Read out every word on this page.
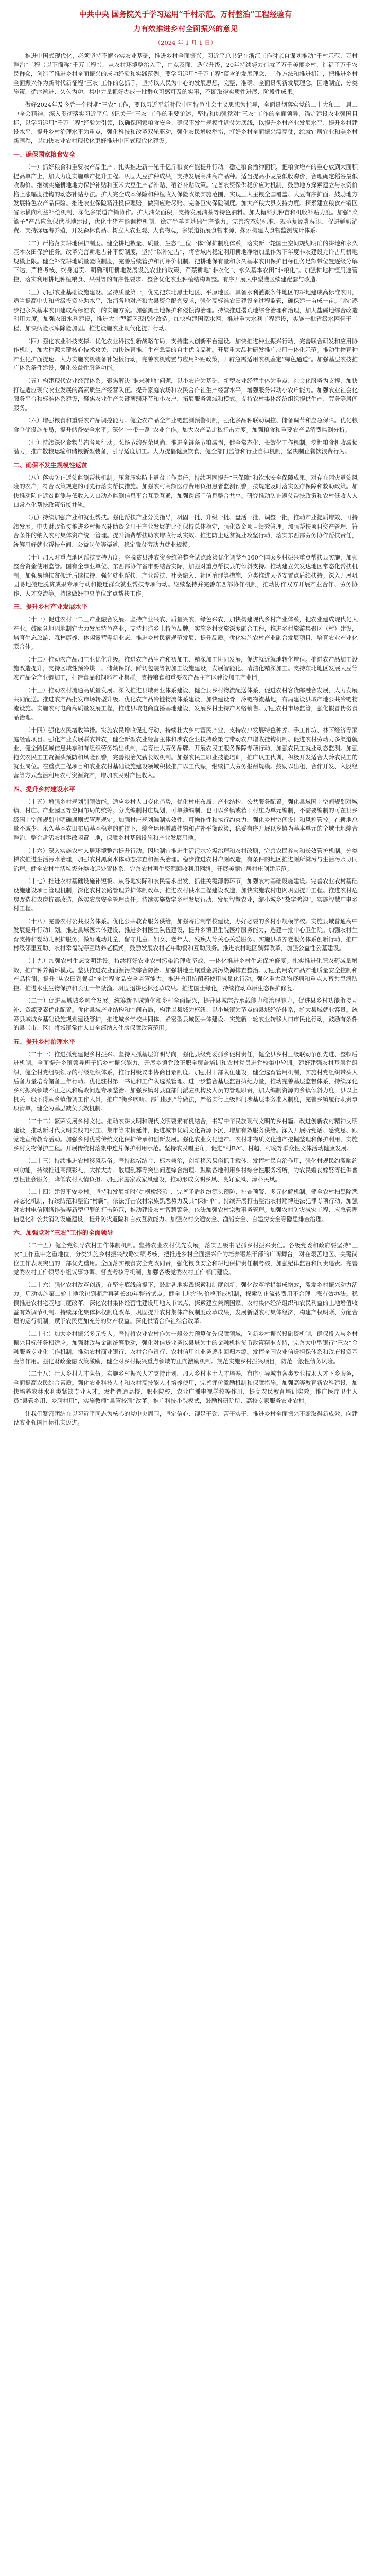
中共中央 国务院关于学习运用“千村示范、万村整治”工程经验有
力有效推进乡村全面振兴的意见
（2024 年 1 月 1 日）
推进中国式现代化，必须坚持不懈夯实农业基础，推进乡村全面振兴。习近平总书记在浙江工作时亲自谋划推动“千村示范、万村整治”工程（以下简称“千万工程”），从农村环境整治入手，由点及面、迭代升级，20年持续努力造就了万千美丽乡村，造福了万千农民群众，创造了推进乡村全面振兴的成功经验和实践范例。要学习运用“千万工程”蕴含的发展理念、工作方法和推进机制，把推进乡村全面振兴作为新时代新征程“三农”工作的总抓手，坚持以人民为中心的发展思想，完整、准确、全面贯彻新发展理念，因地制宜、分类施策，循序渐进、久久为功，集中力量抓好办成一批群众可感可及的实事，不断取得实质性进展、阶段性成果。
做好2024年及今后一个时期“三农”工作，要以习近平新时代中国特色社会主义思想为指导，全面贯彻落实党的二十大和二十届二中全会精神，深入贯彻落实习近平总书记关于“三农”工作的重要论述，坚持和加强党对“三农”工作的全面领导，锚定建设农业强国目标，以学习运用“千万工程”经验为引领，以确保国家粮食安全、确保不发生规模性返贫为底线，以提升乡村产业发展水平、提升乡村建设水平、提升乡村治理水平为重点，强化科技和改革双轮驱动，强化农民增收举措，打好乡村全面振兴漂亮仗，绘就宜居宜业和美乡村新画卷，以加快农业农村现代化更好推进中国式现代化建设。
一、确保国家粮食安全
（一）抓好粮食和重要农产品生产。扎实推进新一轮千亿斤粮食产能提升行动。稳定粮食播种面积，把粮食增产的重心放到大面积提高单产上，加大力度实施单产提升工程。巩固大豆扩种成果，支持发展高油高产品种。适当提高小麦最低收购价，合理确定稻谷最低收购价。继续实施耕地地力保护补贴和玉米大豆生产者补贴、稻谷补贴政策。完善农资保供稳价应对机制，鼓励地方探索建立与农资价格上涨幅度挂钩的动态补贴办法。扩大完全成本保险和种植收入保险政策实施范围，实现三大主粮全国覆盖、大豆有序扩面。鼓励地方发展特色农产品保险。推进农业保险精准投保理赔，做到应赔尽赔。完善巨灾保险制度。加大产粮大县支持力度。探索建立粮食产销区省际横向利益补偿机制，深化多渠道产销协作。扩大油菜面积，支持发展油茶等特色油料。加大糖料蔗种苗和机收补贴力度。加强“菜篮子”产品应急保供基地建设，优化生猪产能调控机制，稳定牛羊肉基础生产能力。完善液态奶标准，规范复原乳标识，促进鲜奶消费。支持深远海养殖，开发森林食品。树立大农业观、大食物观，多渠道拓展食物来源，探索构建大食物监测统计体系。
（二）严格落实耕地保护制度。健全耕地数量、质量、生态“三位一体”保护制度体系，落实新一轮国土空间规划明确的耕地和永久基本农田保护任务。改革完善耕地占补平衡制度，坚持“以补定占”，将省域内稳定利用耕地净增加量作为下年度非农建设允许占用耕地规模上限。健全补充耕地质量验收制度，完善后续管护和再评价机制。把耕地保有量和永久基本农田保护目标任务足额带位置逐级分解下达，严格考核、终身追责。明确利用耕地发展设施农业的政策，严禁耕地“非农化”、永久基本农田“非粮化”。加强耕地种植用途管控，落实利用耕地种植粮食、果树等的有序性要求。整合优化农业种植结构调整。有序开展大中型灌区续建配套与改造。
（三）加强农业基础设施建设。坚持质量第一，优先把东北黑土地区、平原地区、具备水利灌溉条件地区的耕地建成高标准农田，适当提高中央和省级投资补助水平，取消各地对产粮大县资金配套要求，强化高标准农田建设全过程监管，确保建一亩成一亩。制定逐步把永久基本农田建成高标准农田的实施方案。加强黑土地保护和侵蚀沟治理。持续推进撂荒地综合治理和治理，加大盐碱地综合改造利用力度。加强农田水利建设，推进大中型灌区现代化改造。加快构建国家水网，推进重大水利工程建设，实施一批省级水网骨干工程，加快病险水库除险加固。推进设施农业现代化提升行动。
（四）强化农业科技支撑。优化农业科技创新战略布局，支持重大创新平台建设。加快推进种业振兴行动，完善联合研发和应用协作机制，加大种源关键核心技术攻关，加快选育推广生产急需的自主优良品种。开展重大品种研发推广应用一体化示范。推动生物育种产业化扩面提速。大力实施农机装备补短板行动，完善农机购置与应用补贴政策，开辟急需适用农机鉴定“绿色通道”。加强基层农技推广体系条件建设，强化公益性服务功能。
（五）构建现代农业经营体系。聚焦解决“谁来种地”问题，以小农户为基础、新型农业经营主体为重点、社会化服务为支撑，加快打造适应现代农业发展的高素质生产经营队伍。提升家庭农场和农民合作社生产经营水平，增强服务带动小农户能力。加强农业社会化服务平台和标准体系建设，聚焦农业生产关键薄弱环节和小农户，拓展服务领域和模式。支持农村集体经济组织提供生产、劳务等居间服务。
（六）增强粮食和重要农产品调控能力。健全农产品全产业链监测预警机制，强化多品种联动调控、储备调节和应急保障。优化粮食仓储设施布局，提升储备安全水平。深化“一带一路”农业合作。加大农产品走私打击力度。加强粮食和重要农产品消费监测分析。
（七）持续深化食物节约各项行动。弘扬节约光荣风尚，推进全链条节粮减损，健全常态化、长效化工作机制。挖掘粮食机收减损潜力，推广散粮运输和储粮新型装备，引导适度加工。大力提倡健康饮食，健全部门监管和行业自律机制，坚决制止餐饮浪费行为。
二、确保不发生规模性返贫
（八）落实防止返贫监测帮扶机制。压紧压实防止返贫工作责任，持续巩固提升“三保障”和饮水安全保障成果。对存在因灾返贫风险的农户，符合政策规定的可先行落实帮扶措施。加强农村高额医疗费用负担患者监测预警，按规定及时落实医疗保障和救助政策。加快推动防止返贫监测与低收入人口动态监测信息平台互联互通，加强跨部门信息整合共享。研究推动防止返贫帮扶政策和农村低收入人口常态化帮扶政策衔接并轨。
（九）持续加强产业和就业帮扶。强化帮扶产业分类指导，巩固一批、升级一批、盘活一批、调整一批，推动产业提质增效、可持续发展。中央财政衔接推进乡村振兴补助资金用于产业发展的比例保持总体稳定，强化资金项目绩效管理。加强帮扶项目资产管理，符合条件的纳入农村集体资产统一管理。提升消费帮扶助农增收行动实效。推进防止返贫就业攻坚行动，落实东西部劳务协作帮扶责任，统筹用好就业帮扶车间、公益岗位等渠道，稳定脱贫劳动力就业规模。
（十）加大对重点地区帮扶支持力度。将脱贫县涉农资金统筹整合试点政策优化调整至160个国家乡村振兴重点帮扶县实施，加强整合资金使用监管。国有企事业单位、东西部协作省市要结合实际，加强对重点帮扶县的倾斜支持。推动建立欠发达地区常态化帮扶机制。加强易地扶贫搬迁后续扶持，强化就业帮扶、产业帮扶、社会融入、社区治理等措施，分类推进大型安置点后续扶持。深入开展巩固易地搬迁脱贫成果专项行动和搬迁群众就业帮扶专项行动。继续坚持并完善东西部协作机制，推动协作双方开展产业合作、劳务协作、人才交流等。持续做好中央单位定点帮扶工作。
三、提升乡村产业发展水平
（十一）促进农村一二三产业融合发展。坚持产业兴农、质量兴农、绿色兴农，加快构建现代乡村产业体系，把农业建成现代化大产业。鼓励各地因地制宜大力发展特色产业，支持打造乡土特色品牌。实施乡村文旅深度融合工程，推进乡村旅游集聚区（村）建设，培育生态旅游、森林康养、休闲露营等新业态，推进乡村民宿规范发展、提升品质。优化实施农村产业融合发展项目，培育农业产业化联合体。
（十二）推动农产品加工业优化升级。推进农产品生产和初加工、精深加工协同发展，促进就近就地转化增值。推进农产品加工设施改造提升，支持区域性预冷烘干、储藏保鲜、鲜切包装等初加工设施建设，发展智能化、清洁化精深加工。支持东北地区发展大豆等农产品全产业链加工，打造食品和饲料产业集群。支持粮食和重要农产品主产区建设加工产业园。
（十三）推动农村流通高质量发展。深入推进县域商业体系建设，健全县乡村物流配送体系，促进农村客货邮融合发展，大力发展共同配送。推进农产品批发市场转型升级。优化农产品冷链物流体系建设，加快建设骨干冷链物流基地，布局建设县域产地公共冷链物流设施。实施农村电商高质量发展工程，推进县域电商直播基地建设，发展乡村土特产网络销售。加强农村市场监管，强化假冒伪劣食品治理。
（十四）强化农民增收举措。实施农民增收促进行动，持续壮大乡村富民产业，支持农户发展特色种养、手工作坊、林下经济等家庭经营项目。强化产业发展联农带农，健全新型农业经营主体和涉农企业扶持政策与带动农户增收挂钩机制。促进农村劳动力多渠道就业，健全跨区域信息共享和有组织劳务输出机制，培育壮大劳务品牌。开展农民工服务保障专项行动，加强农民工就业动态监测。加强拖欠农民工工资源头预防和风险预警，完善根治欠薪长效机制。加强农民工职业技能培训，推广以工代训，积极开发适合大龄农民工的就业岗位。在重点工程项目和农业农村基础设施建设领域积极推广以工代赈，继续扩大劳务报酬规模。鼓励以出租、合作开发、入股经营等方式盘活利用农村资源资产，增加农民财产性收入。
四、提升乡村建设水平
（十五）增强乡村规划引领效能。适应乡村人口变化趋势，优化村庄布局、产业结构、公共服务配置。强化县域国土空间规划对城镇、村庄、产业园区等空间布局的统筹。分类编制村庄规划，可单独编制，也可以乡镇或若干村庄为单元编制，不需要编制的可在县乡级国土空间规划中明确通则式管理规定。加强村庄规划编制实效性、可操作性和执行约束力，强化乡村空间设计和风貌管控。在耕地总量不减少、永久基本农田布局基本稳定的前提下，综合运用增减挂钩和占补平衡政策，稳妥有序开展以乡镇为基本单元的全域土地综合整治，整合盘活农村零散闲置土地，保障乡村基础设施和产业发展用地。
（十六）深入实施农村人居环境整治提升行动。因地制宜推进生活污水垃圾治理和农村改厕，完善农民参与和长效管护机制。分类梯次推进生活污水治理，加强农村黑臭水体动态排查和源头治理。稳步推进农村户厕改造，有条件的地区推进厕所粪污与生活污水协同治理。健全农村生活垃圾分类收运处置体系，完善农村再生资源回收利用网络。开展美丽宜居村庄创建示范。
（十七）推进农村基础设施补短板。从各地实际和农民需求出发，抓住关键薄弱环节，加强农村基础设施建设。完善农业农村基础设施建设项目管理机制，深化农村公路管理养护体制改革，推进农村供水工程建设改造，加快实施农村电网巩固提升工程。推进农村危房改造和农房抗震改造，落实农房安全管理责任。持续实施数字乡村发展行动，发展智慧农业，缩小城乡“数字鸿沟”。实施智慧广电乡村工程。
（十八）完善农村公共服务体系。优化公共教育服务供给，加强寄宿制学校建设，办好必要的乡村小规模学校。实施县域普通高中发展提升行动计划。推进县域医共体建设，推进乡村医生队伍建设，提升乡镇卫生院医疗服务能力，选建一批中心卫生院。加强农村生育支持和婴幼儿照护服务，做好流动儿童、留守儿童、妇女、老年人、残疾人等关心关爱服务。实施县域养老服务体系创新行动，推广村级邻里互助、农村幸福院等互助养老模式，鼓励发展农村老年助餐和互助服务。推进农村地区殡葬改革，加强公益性公墓建设。
（十九）加强农村生态文明建设。持续打好农业农村污染治理攻坚战，一体化推进乡村生态保护修复。扎实推进化肥农药减量增效，推广种养循环模式。整县推进农业面源污染综合防治。加强耕地土壤重金属污染源排查整治。加强食用农产品产地质量安全控制和产品检测，提升“从农田到餐桌”全过程食品安全监管能力。推进兽用抗菌药使用减量化行动。强化重大动物疫病和重点人畜共患病防控。推进水生生物保护和长江十年禁渔。巩固退耕还林还草成果。推进国土绿化，持续推动草原生态保护修复。
（二十）促进县域城乡融合发展。统筹新型城镇化和乡村全面振兴，提升县城综合承载能力和治理能力，促进县乡村功能衔接互补、资源要素优化配置。优化县域产业结构和空间布局，构建以县城为枢纽、以小城镇为节点的县域经济体系，扩大县域就业容量。统筹县域城乡基础设施规划建设管护，推进城乡学校共同体、紧密型县域医共体建设。实施新一轮农业转移人口市民化行动，鼓励有条件的县（市、区）将城镇常住人口全部纳入住房保障政策范围。
五、提升乡村治理水平
（二十一）推进抓党建促乡村振兴。坚持大抓基层鲜明导向，强化县级党委抓乡促村责任，健全县乡村三级联动争创先进、整顿后进机制。全面提升乡镇领导班子抓乡村振兴能力，开展乡镇党政正职全覆盖培训和农村党员进党校集中轮训。建好建强农村基层党组织，健全村党组织领导的村级组织体系，推行村级议事协商目录制度。加强村干部队伍建设，健全选育管用机制，实施村党组织带头人后备力量培育储备三年行动。优化驻村第一书记和工作队选派管理。进一步整合基层监督执纪力量，推动完善基层监督体系，持续深化乡村振兴领域不正之风和腐败问题专项整治。加强乡镇对县直部门派驻机构及人员的管理职责，加大编制资源向乡镇倾斜力度，县以上机关一般不得从乡镇借调工作人员，推广“街乡吹哨、部门报到”等做法，严格实行上级部门涉基层事务准入制度，完善乡镇履行职责事项清单，健全为基层减负长效机制。
（二十二）繁荣发展乡村文化。推动农耕文明和现代文明要素有机结合，书写中华民族现代文明的乡村篇。改进创新农村精神文明建设，推动新时代文明实践向村庄、集市等末梢延伸，促进城市优质文化资源下沉，增加有效服务供给。深入开展听党话、感党恩、跟党走宣传教育活动。加强乡村优秀传统文化保护传承和创新发展。强化农业文化遗产、农村非物质文化遗产挖掘整理和保护利用，实施乡村文物保护工程。开展传统村落集中连片保护利用示范。坚持农民唱主角，促进“村BA”、村超、村晚等群众性文体活动健康发展。
（二十三）持续推进农村移风易俗。坚持疏堵结合、标本兼治，创新移风易俗抓手载体，发挥村民自治作用，强化村规民约激励约束功能，持续推进高额彩礼、大操大办、散埋乱葬等突出问题综合治理。鼓励各地利用乡村综合性服务场所，为农民婚丧嫁娶等提供普惠性社会服务，降低农村人情负担。加强家庭家教家风建设，推动形成文明乡风、良好家风、淳朴民风。
（二十四）建设平安乡村。坚持和发展新时代“枫桥经验”，完善矛盾纠纷源头预防、排查预警、多元化解机制。健全农村扫黑除恶常态化机制，持续防范和整治“村霸”，依法打击农村宗族黑恶势力及其“保护伞”。持续开展打击整治农村赌博违法犯罪专项行动，加强对农村电信网络诈骗等新型犯罪的打击防范，推动建设农村智慧警务。依法加强农村宗教事务管理。加强农村防灾减灾工程、应急管理信息化和公共消防设施建设，提升防灾避险和自救互救能力。加强农村交通安全、渔船安全、自建房安全等隐患排查治理。
六、加强党对“三农”工作的全面领导
（二十五）健全党领导农村工作体制机制。坚持农业农村优先发展，落实五级书记抓乡村振兴责任。各级党委和政府要坚持“三农”工作重中之重地位，分类实施乡村振兴战略实绩考核，把推进乡村全面振兴作为培养锻炼干部的广阔舞台，对在艰苦地区、关键岗位工作表现突出的干部优先重用。全面落实粮食安全党政同责，强化粮食安全和耕地保护责任制考核，加强纪律监督和问责追责。完善党委农村工作领导小组议事协调、督查考核等机制，加强各级党委农村工作部门建设。
（二十六）强化农村改革创新。在坚守底线前提下，鼓励各地实践探索和制度创新，强化改革举措集成增效，激发乡村振兴动力活力。启动实施第二轮土地承包到期后再延长30年整省试点。健全土地流转价格形成机制，探索防止流转费用不合理上涨有效办法。稳慎推进农村宅基地制度改革。深化农村集体经营性建设用地入市试点，探索建立兼顾国家、农村集体经济组织和农民利益的土地增值收益有效调节机制。持续深化集体林权制度改革，巩固提升农村集体产权制度改革成果，发展新型农村集体经济，构建产权明晰、分配合理的运行机制，赋予农民更加充分的财产权益。深化供销合作社综合改革。
（二十七）加大乡村振兴多元投入。坚持将农业农村作为一般公共预算优先保障领域，创新乡村振兴投融资机制，确保投入与乡村振兴目标任务相适应。加强财政与金融统筹联动，强化对信贷业务以县域为主的金融机构货币政策精准支持，完善大中型银行“三农”金融服务专业化工作机制，推动农村商业银行、农村合作银行、农村信用社业务逐步回归本源。发挥全国农业信贷担保体系和政府投资基金等作用。强化财政金融政策激励，健全对乡村振兴重点领域的正向激励机制。规范实施乡村振兴项目，防范一般性债务风险。
（二十八）壮大乡村人才队伍。实施乡村振兴人才支持计划，加大乡村本土人才培养，有序引导城市各类专业技术人才下乡服务，全面提高农民综合素质。强化农业科技人才和农村高技能人才培养使用，完善评价激励机制和保障措施。加强高等教育新农科建设，加快培养农林水利类紧缺专业人才。发挥普通高校、职业院校、农业广播电视学校等作用，提高农民教育培训实效。推广医疗卫生人员“县管乡用、乡聘村用”，实施教师“县管校聘”改革。推广科技小院模式，鼓励科研院所、高校专家服务农业农村。
让我们紧密团结在以习近平同志为核心的党中央周围，坚定信心、铆足干劲、苦干实干，推进乡村全面振兴不断取得新成效，向建设农业强国目标扎实迈进。
